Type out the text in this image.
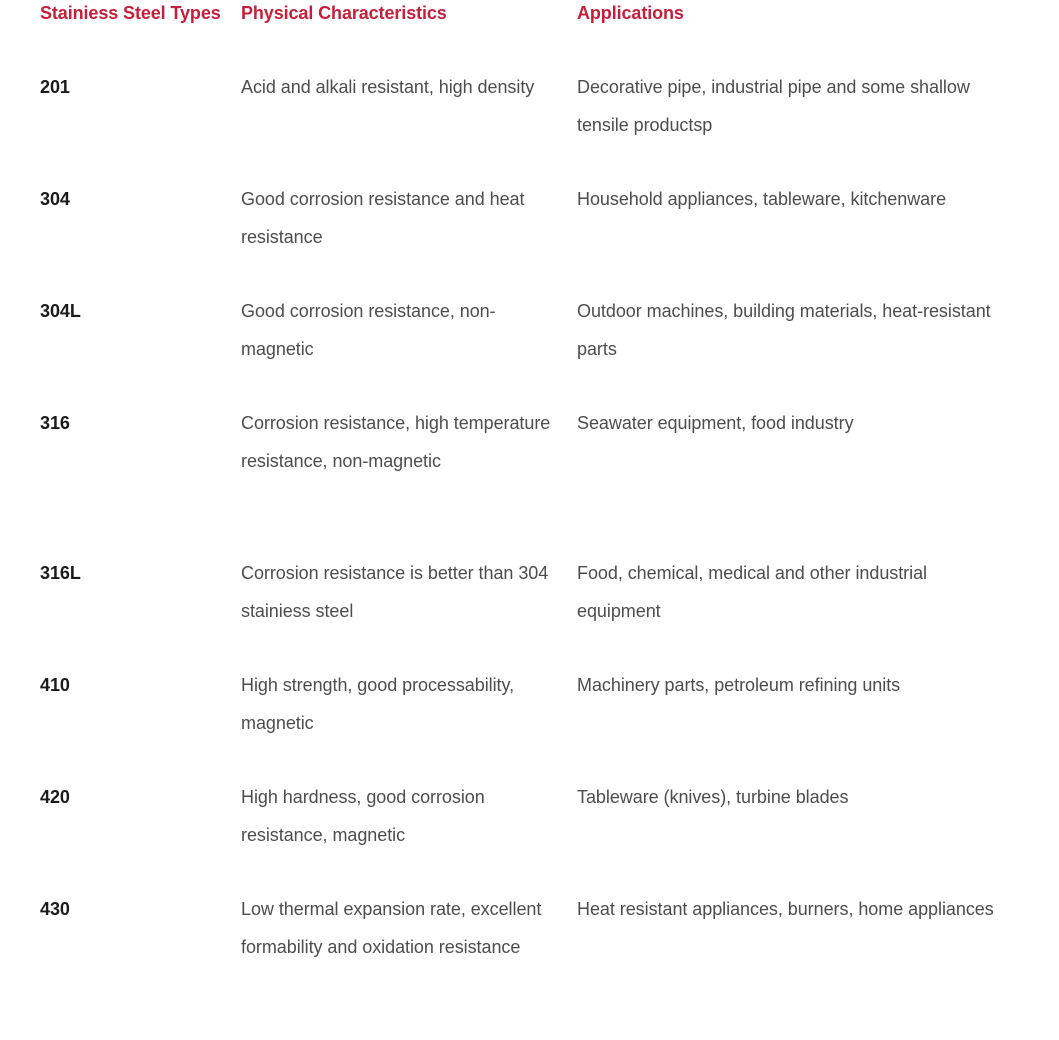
Stainiess Steel Types	Physical Characteristics	Applications
201	Acid and alkali resistant, high density	Decorative pipe, industrial pipe and some shallow tensile productsp
304	Good corrosion resistance and heat resistance	Household appliances, tableware, kitchenware
304L	Good corrosion resistance, non-magnetic	Outdoor machines, building materials, heat-resistant parts
316	Corrosion resistance, high temperature resistance, non-magnetic	Seawater equipment, food industry
316L	Corrosion resistance is better than 304 stainiess steel	Food, chemical, medical and other industrial equipment
410	High strength, good processability, magnetic	Machinery parts, petroleum refining units
420	High hardness, good corrosion resistance, magnetic	Tableware (knives), turbine blades
430	Low thermal expansion rate, excellent formability and oxidation resistance	Heat resistant appliances, burners, home appliances
